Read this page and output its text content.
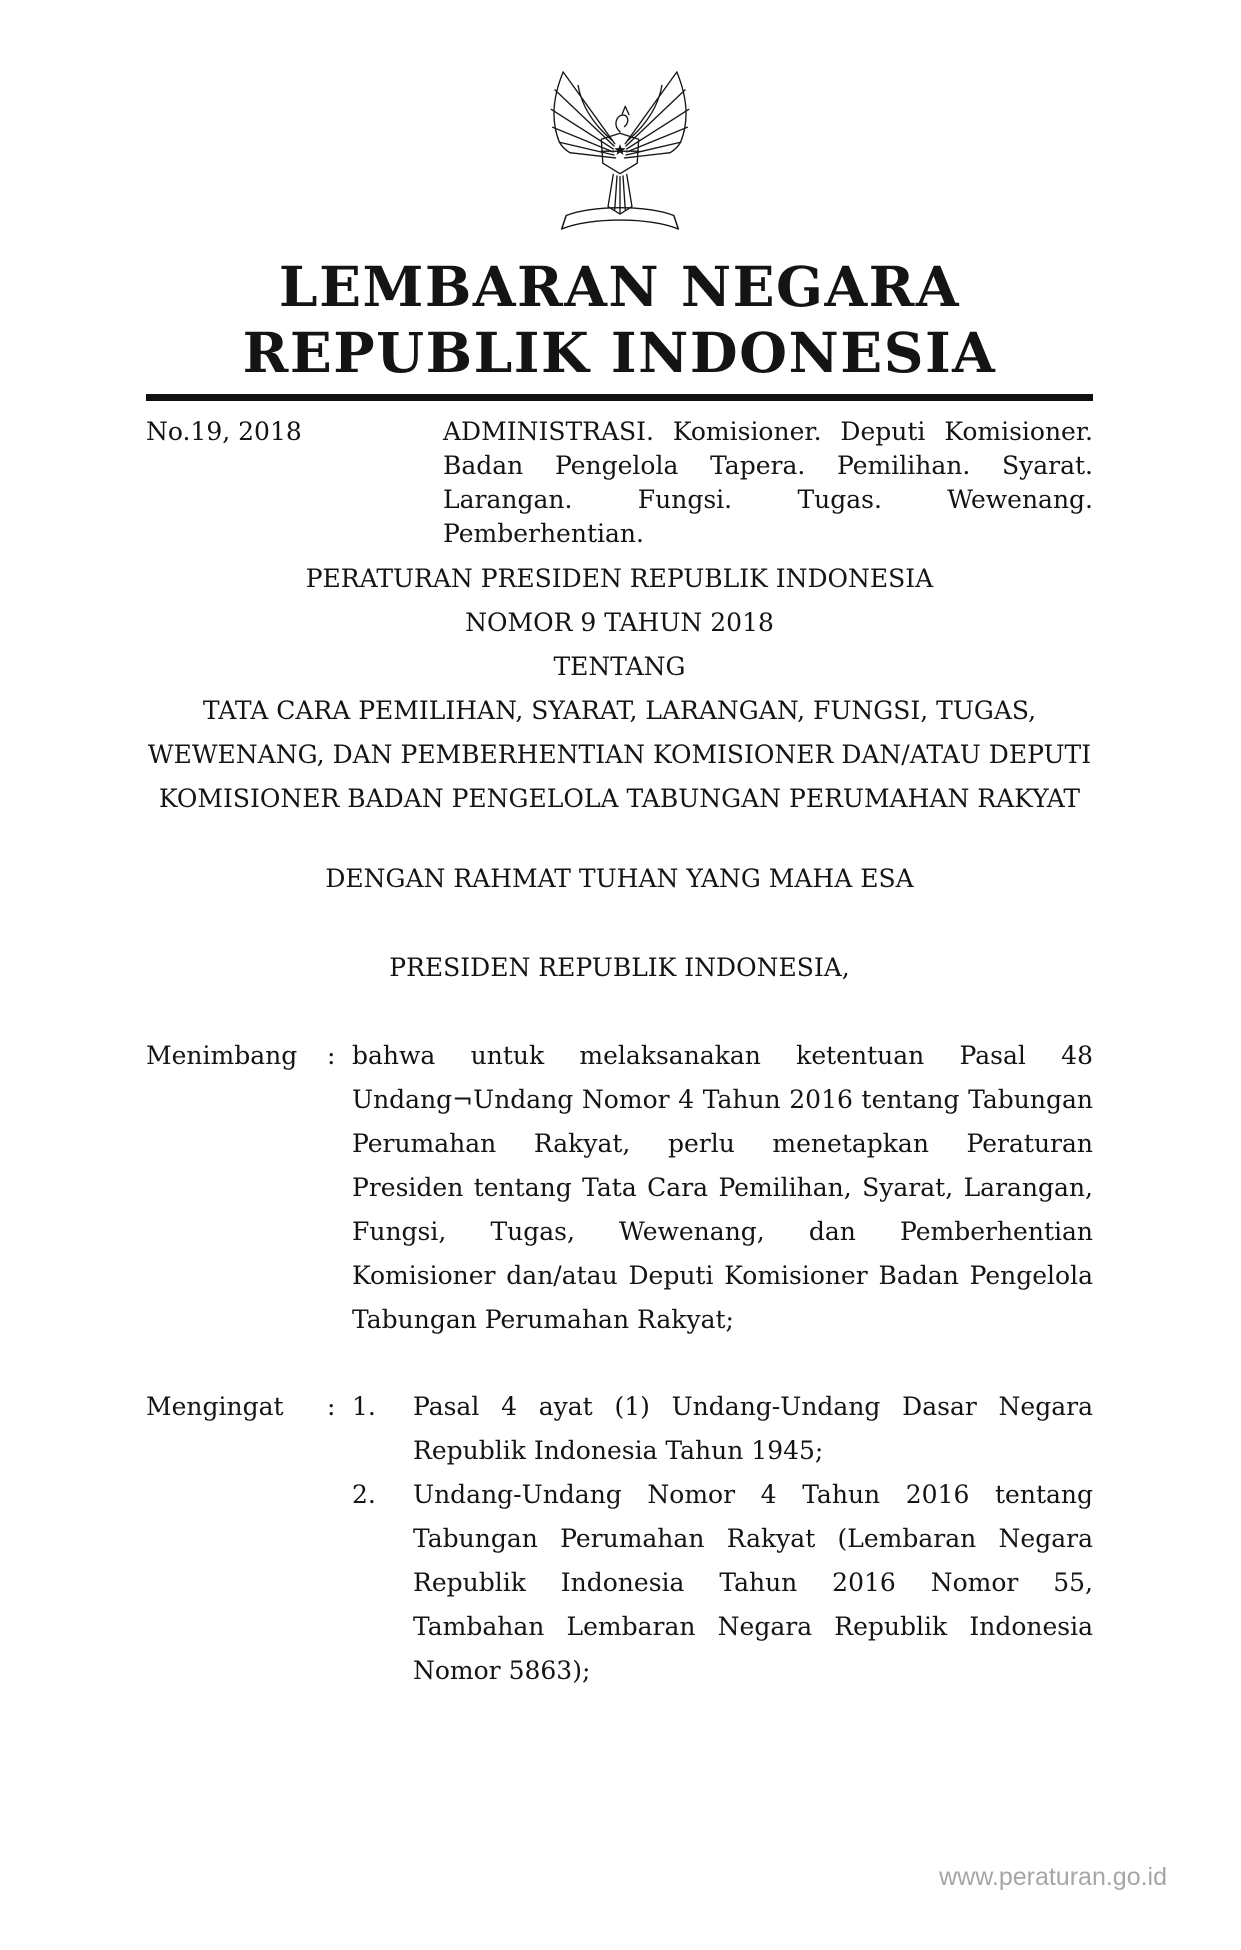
LEMBARAN NEGARA
REPUBLIK INDONESIA
No.19, 2018	ADMINISTRASI. Komisioner. Deputi Komisioner. Badan Pengelola Tapera. Pemilihan. Syarat. Larangan. Fungsi. Tugas. Wewenang. Pemberhentian.
PERATURAN PRESIDEN REPUBLIK INDONESIA
NOMOR 9 TAHUN 2018
TENTANG
TATA CARA PEMILIHAN, SYARAT, LARANGAN, FUNGSI, TUGAS,
WEWENANG, DAN PEMBERHENTIAN KOMISIONER DAN/ATAU DEPUTI
KOMISIONER BADAN PENGELOLA TABUNGAN PERUMAHAN RAKYAT
DENGAN RAHMAT TUHAN YANG MAHA ESA
PRESIDEN REPUBLIK INDONESIA,
Menimbang	: bahwa untuk melaksanakan ketentuan Pasal 48 Undang¬Undang Nomor 4 Tahun 2016 tentang Tabungan Perumahan Rakyat, perlu menetapkan Peraturan Presiden tentang Tata Cara Pemilihan, Syarat, Larangan, Fungsi, Tugas, Wewenang, dan Pemberhentian Komisioner dan/atau Deputi Komisioner Badan Pengelola Tabungan Perumahan Rakyat;
Mengingat	: 1.	Pasal 4 ayat (1) Undang-Undang Dasar Negara Republik Indonesia Tahun 1945;
2.	Undang-Undang Nomor 4 Tahun 2016 tentang Tabungan Perumahan Rakyat (Lembaran Negara Republik Indonesia Tahun 2016 Nomor 55, Tambahan Lembaran Negara Republik Indonesia Nomor 5863);
www.peraturan.go.id
